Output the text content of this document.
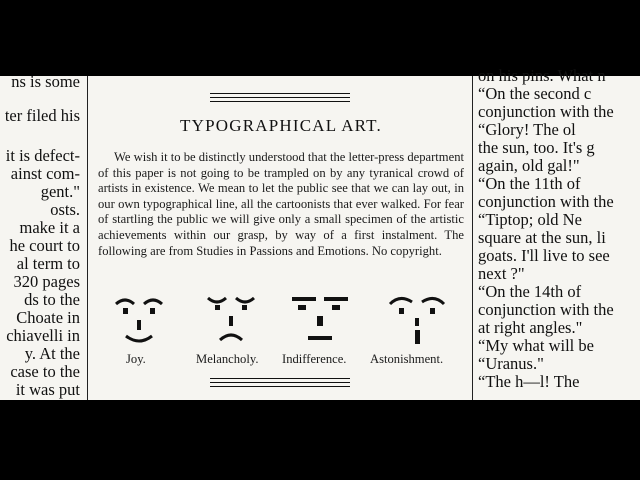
ns is some
ter filed his
it is defect-
ainst com-
gent."
osts.
make it a
he court to
al term to
320 pages
ds to the
Choate in
chiavelli in
y. At the
case to the
it was put
TYPOGRAPHICAL ART.
We wish it to be distinctly understood that the letter-press department of this paper is not going to be trampled on by any tyranical crowd of artists in existence. We mean to let the public see that we can lay out, in our own typographical line, all the cartoonists that ever walked. For fear of startling the public we will give only a small specimen of the artistic achievements within our grasp, by way of a first instalment. The following are from Studies in Passions and Emotions. No copyright.
Joy.	Melancholy. Indifference. Astonishment.
on his pins. What n
“On the second c
conjunction with the
“Glory! The ol
the sun, too. It's g
again, old gal!"
“On the 11th of
conjunction with the
“Tiptop; old Ne
square at the sun, li
goats. I'll live to see
next ?"
“On the 14th of
conjunction with the
at right angles."
“My what will be
“Uranus."
“The h—l! The
